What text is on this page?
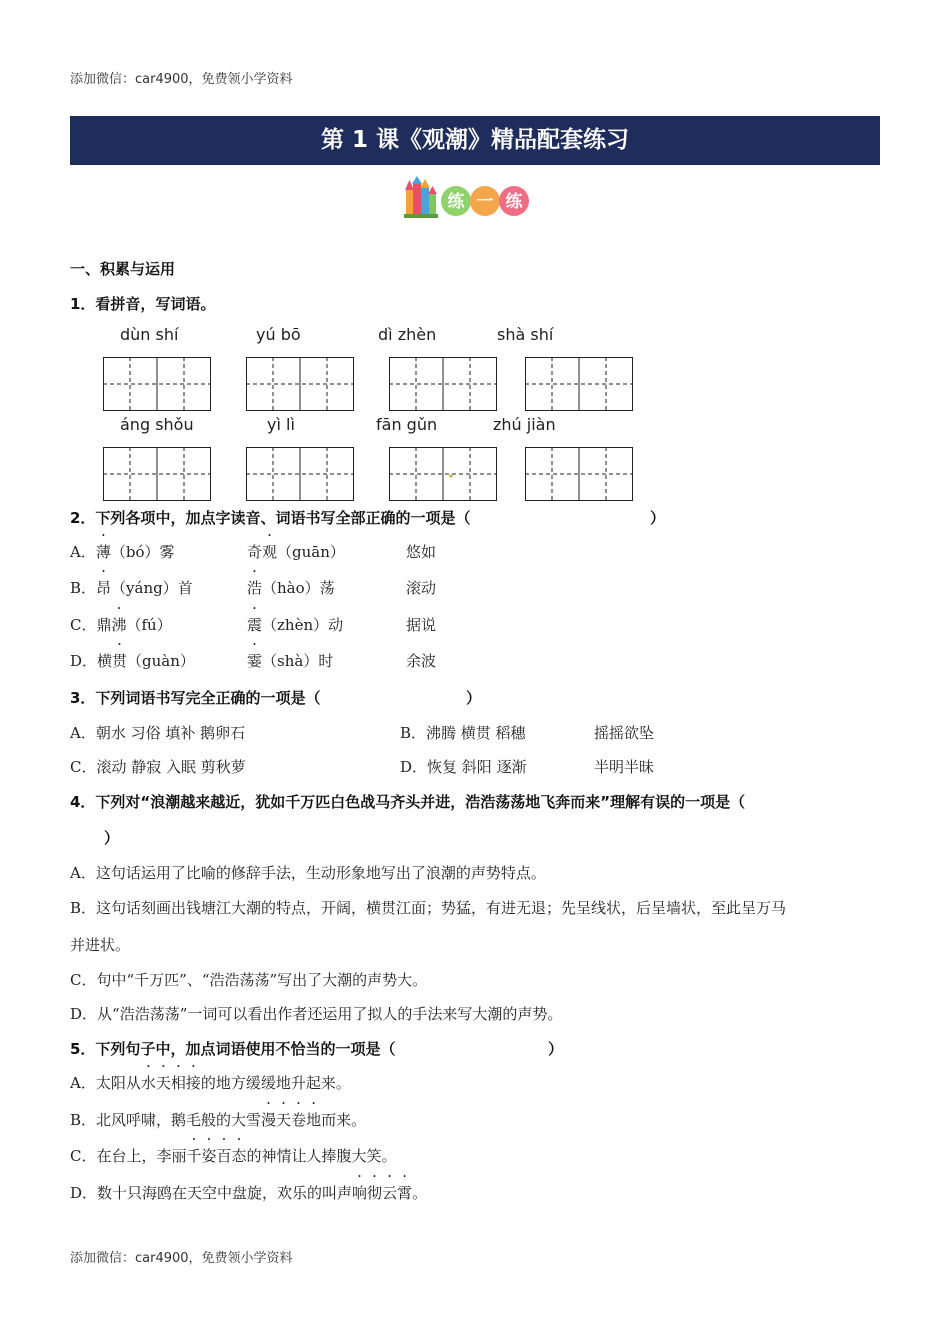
添加微信：car4900，免费领小学资料
第 1 课《观潮》精品配套练习
练 一 练
一、积累与运用
1．看拼音，写词语。
dùn shí	yú bō	dì zhèn	shà shí
áng shǒu	yì lì	fān gǔn	zhú jiàn
2．下列各项中，加点字读音、词语书写全部正确的一项是（	）
A．薄（bó）雾	奇观（guān）	悠如
B．昂（yáng）首	浩（hào）荡	滚动
C．鼎沸（fú）	震（zhèn）动	据说
D．横贯（guàn）	霎（shà）时	余波
3．下列词语书写完全正确的一项是（	）
A．朝水 习俗 填补 鹅卵石	B．沸腾 横贯 稻穗	摇摇欲坠
C．滚动 静寂 入眠 剪秋萝	D．恢复 斜阳 逐渐	半明半昧
4．下列对“浪潮越来越近，犹如千万匹白色战马齐头并进，浩浩荡荡地飞奔而来”理解有误的一项是（
）
A．这句话运用了比喻的修辞手法，生动形象地写出了浪潮的声势特点。
B．这句话刻画出钱塘江大潮的特点，开阔，横贯江面；势猛，有进无退；先呈线状，后呈墙状，至此呈万马
并进状。
C．句中“千万匹”、“浩浩荡荡”写出了大潮的声势大。
D．从“浩浩荡荡”一词可以看出作者还运用了拟人的手法来写大潮的声势。
5．下列句子中，加点词语使用不恰当的一项是（	）
A．太阳从水天相接的地方缓缓地升起来。
B．北风呼啸，鹅毛般的大雪漫天卷地而来。
C．在台上，李丽千姿百态的神情让人捧腹大笑。
D．数十只海鸥在天空中盘旋，欢乐的叫声响彻云霄。
添加微信：car4900，免费领小学资料
